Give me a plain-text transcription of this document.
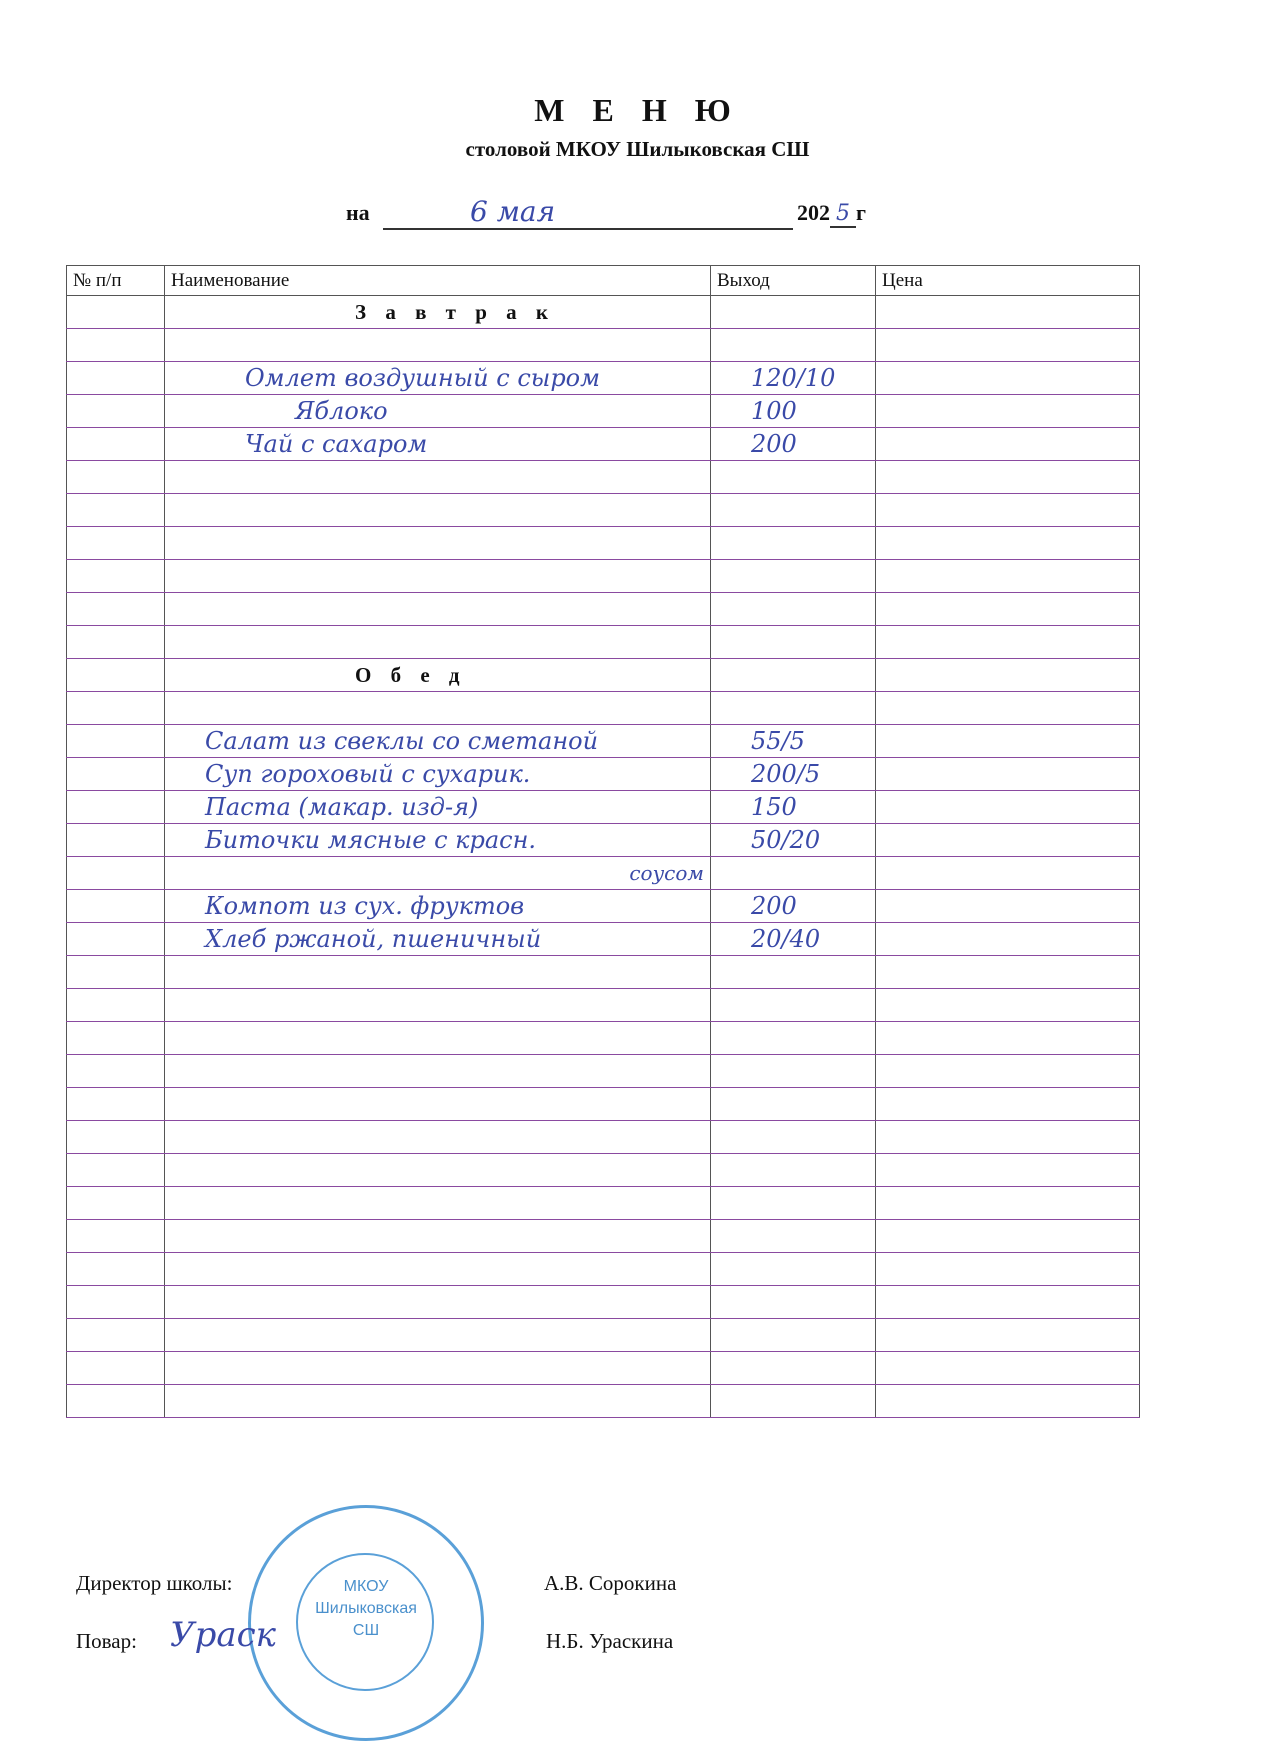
М Е Н Ю
столовой МКОУ Шилыковская СШ
на	6 мая	202 5 г
№ п/п	Наименование	Выход	Цена
	З а в т р а к		

	Омлет воздушный с сыром	120/10	
	Яблоко	100	
	Чай с сахаром	200	

	О б е д		

	Салат из свеклы со сметаной	55/5	
	Суп гороховый с сухарик.	200/5	
	Паста (макар. изд-я)	150	
	Биточки мясные с красн.	50/20	
	соусом		
	Компот из сух. фруктов	200	
	Хлеб ржаной, пшеничный	20/40	

Директор школы:	А.В. Сорокина
Повар:	Н.Б. Ураскина
МКОУ
Шилыковская
СШ
Ураск
